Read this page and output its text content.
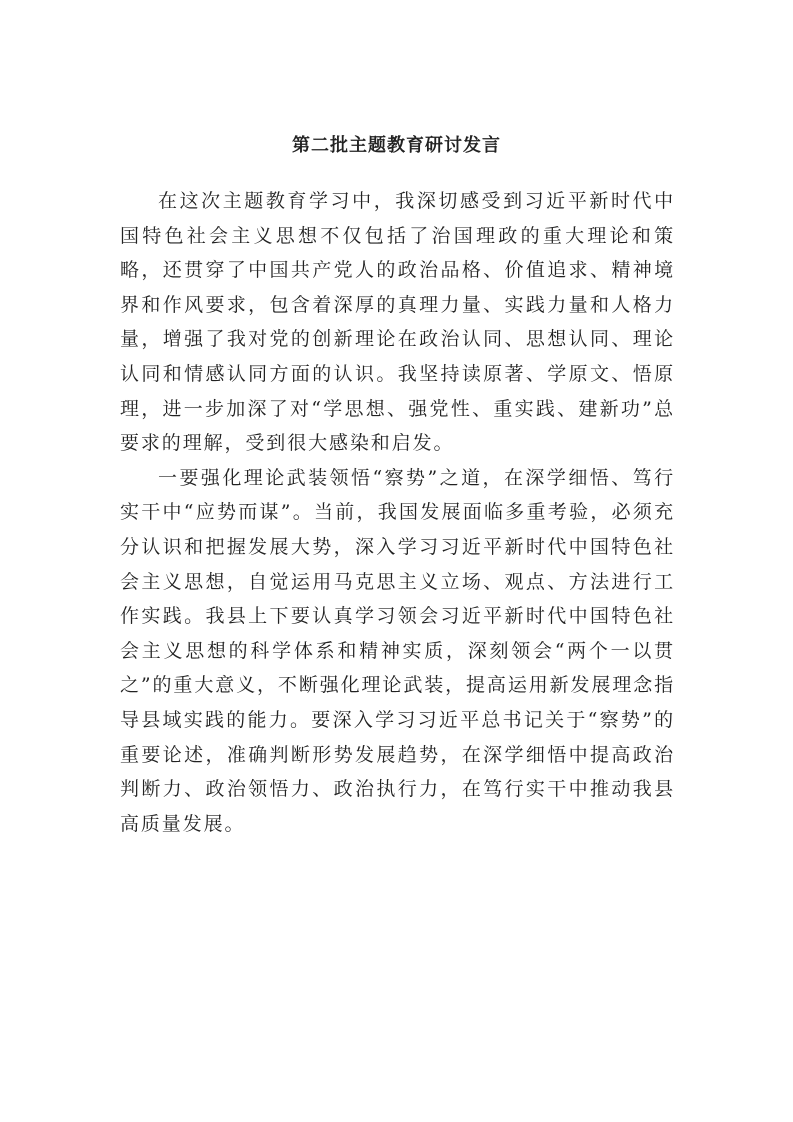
第二批主题教育研讨发言

在这次主题教育学习中，我深切感受到习近平新时代中国特色社会主义思想不仅包括了治国理政的重大理论和策略，还贯穿了中国共产党人的政治品格、价值追求、精神境界和作风要求，包含着深厚的真理力量、实践力量和人格力量，增强了我对党的创新理论在政治认同、思想认同、理论认同和情感认同方面的认识。我坚持读原著、学原文、悟原理，进一步加深了对“学思想、强党性、重实践、建新功”总要求的理解，受到很大感染和启发。

一要强化理论武装领悟“察势”之道，在深学细悟、笃行实干中“应势而谋”。当前，我国发展面临多重考验，必须充分认识和把握发展大势，深入学习习近平新时代中国特色社会主义思想，自觉运用马克思主义立场、观点、方法进行工作实践。我县上下要认真学习领会习近平新时代中国特色社会主义思想的科学体系和精神实质，深刻领会“两个一以贯之”的重大意义，不断强化理论武装，提高运用新发展理念指导县域实践的能力。要深入学习习近平总书记关于“察势”的重要论述，准确判断形势发展趋势，在深学细悟中提高政治判断力、政治领悟力、政治执行力，在笃行实干中推动我县高质量发展。
